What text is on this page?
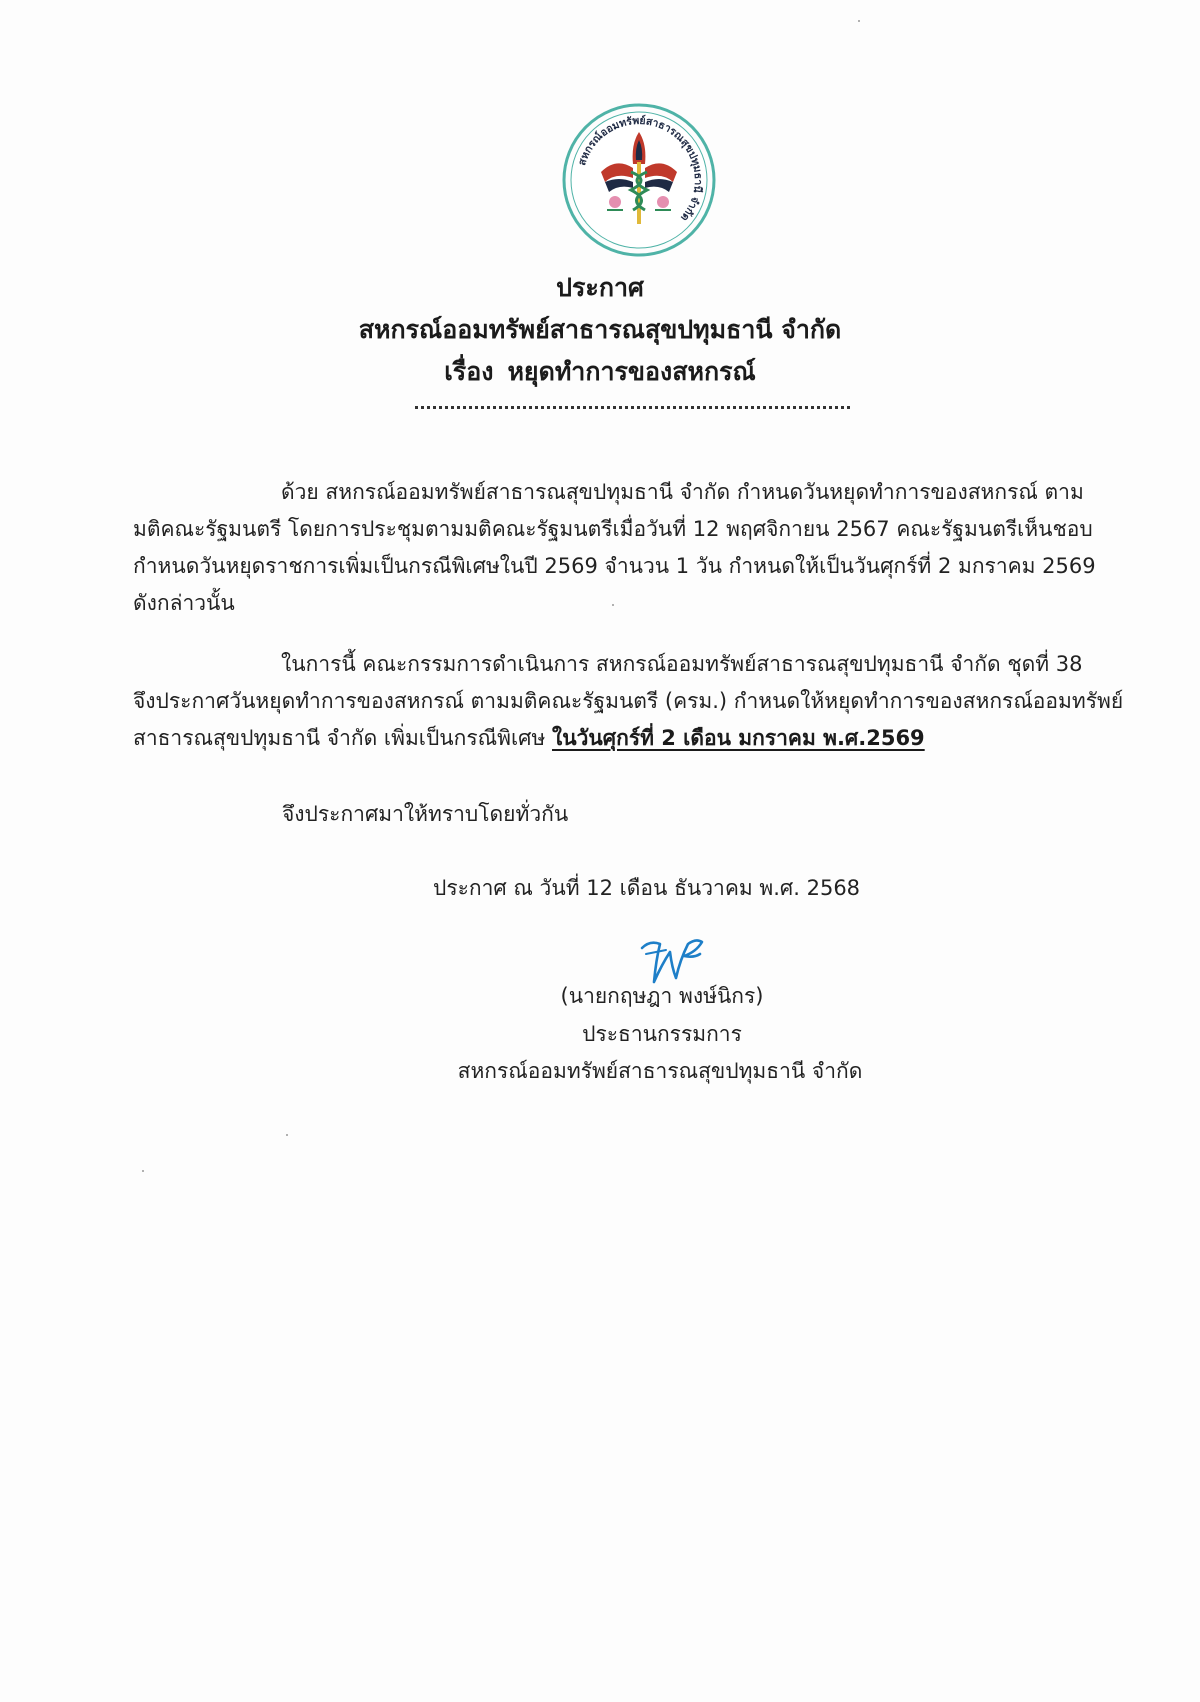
สหกรณ์ออมทรัพย์สาธารณสุขปทุมธานี จำกัด
ประกาศ
สหกรณ์ออมทรัพย์สาธารณสุขปทุมธานี จำกัด
เรื่อง หยุดทำการของสหกรณ์
ด้วย สหกรณ์ออมทรัพย์สาธารณสุขปทุมธานี จำกัด กำหนดวันหยุดทำการของสหกรณ์ ตาม
มติคณะรัฐมนตรี โดยการประชุมตามมติคณะรัฐมนตรีเมื่อวันที่ 12 พฤศจิกายน 2567 คณะรัฐมนตรีเห็นชอบ
กำหนดวันหยุดราชการเพิ่มเป็นกรณีพิเศษในปี 2569 จำนวน 1 วัน กำหนดให้เป็นวันศุกร์ที่ 2 มกราคม 2569
ดังกล่าวนั้น
ในการนี้ คณะกรรมการดำเนินการ สหกรณ์ออมทรัพย์สาธารณสุขปทุมธานี จำกัด ชุดที่ 38
จึงประกาศวันหยุดทำการของสหกรณ์ ตามมติคณะรัฐมนตรี (ครม.) กำหนดให้หยุดทำการของสหกรณ์ออมทรัพย์
สาธารณสุขปทุมธานี จำกัด เพิ่มเป็นกรณีพิเศษ ในวันศุกร์ที่ 2 เดือน มกราคม พ.ศ.2569
จึงประกาศมาให้ทราบโดยทั่วกัน
ประกาศ ณ วันที่ 12 เดือน ธันวาคม พ.ศ. 2568
(นายกฤษฎา พงษ์นิกร)
ประธานกรรมการ
สหกรณ์ออมทรัพย์สาธารณสุขปทุมธานี จำกัด
